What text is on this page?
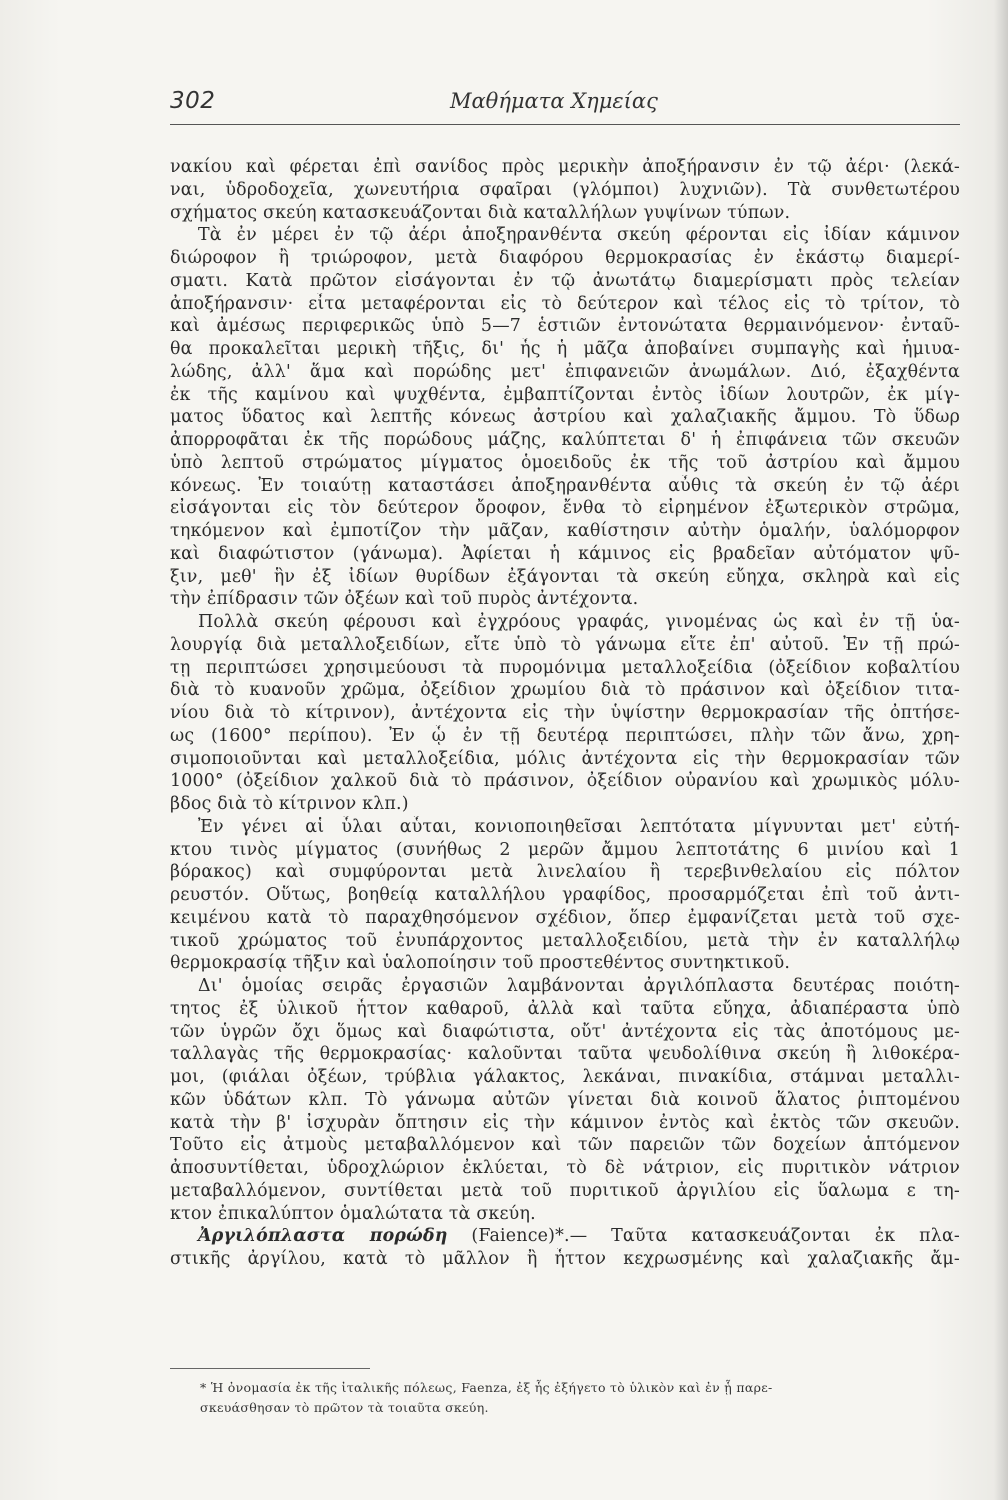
302	Μαθήματα Χημείας
νακίου καὶ φέρεται ἐπὶ σανίδος πρὸς μερικὴν ἀποξήρανσιν ἐν τῷ ἀέρι· (λεκά-
ναι, ὑδροδοχεῖα, χωνευτήρια σφαῖραι (γλόμποι) λυχνιῶν). Τὰ συνθετωτέρου
σχήματος σκεύη κατασκευάζονται διὰ καταλλήλων γυψίνων τύπων.
Τὰ ἐν μέρει ἐν τῷ ἀέρι ἀποξηρανθέντα σκεύη φέρονται εἰς ἰδίαν κάμινον
διώροφον ἢ τριώροφον, μετὰ διαφόρου θερμοκρασίας ἐν ἑκάστῳ διαμερί-
σματι. Κατὰ πρῶτον εἰσάγονται ἐν τῷ ἀνωτάτῳ διαμερίσματι πρὸς τελείαν
ἀποξήρανσιν· εἶτα μεταφέρονται εἰς τὸ δεύτερον καὶ τέλος εἰς τὸ τρίτον, τὸ
καὶ ἀμέσως περιφερικῶς ὑπὸ 5—7 ἑστιῶν ἐντονώτατα θερμαινόμενον· ἐνταῦ-
θα προκαλεῖται μερικὴ τῆξις, δι' ἧς ἡ μᾶζα ἀποβαίνει συμπαγὴς καὶ ἡμιυα-
λώδης, ἀλλ' ἅμα καὶ πορώδης μετ' ἐπιφανειῶν ἀνωμάλων. Διό, ἐξαχθέντα
ἐκ τῆς καμίνου καὶ ψυχθέντα, ἐμβαπτίζονται ἐντὸς ἰδίων λουτρῶν, ἐκ μίγ-
ματος ὕδατος καὶ λεπτῆς κόνεως ἀστρίου καὶ χαλαζιακῆς ἄμμου. Τὸ ὕδωρ
ἀπορροφᾶται ἐκ τῆς πορώδους μάζης, καλύπτεται δ' ἡ ἐπιφάνεια τῶν σκευῶν
ὑπὸ λεπτοῦ στρώματος μίγματος ὁμοειδοῦς ἐκ τῆς τοῦ ἀστρίου καὶ ἄμμου
κόνεως. Ἐν τοιαύτῃ καταστάσει ἀποξηρανθέντα αὖθις τὰ σκεύη ἐν τῷ ἀέρι
εἰσάγονται εἰς τὸν δεύτερον ὄροφον, ἔνθα τὸ εἰρημένον ἐξωτερικὸν στρῶμα,
τηκόμενον καὶ ἐμποτίζον τὴν μᾶζαν, καθίστησιν αὐτὴν ὁμαλήν, ὑαλόμορφον
καὶ διαφώτιστον (γάνωμα). Ἀφίεται ἡ κάμινος εἰς βραδεῖαν αὐτόματον ψῦ-
ξιν, μεθ' ἣν ἐξ ἰδίων θυρίδων ἐξάγονται τὰ σκεύη εὔηχα, σκληρὰ καὶ εἰς
τὴν ἐπίδρασιν τῶν ὀξέων καὶ τοῦ πυρὸς ἀντέχοντα.
Πολλὰ σκεύη φέρουσι καὶ ἐγχρόους γραφάς, γινομένας ὡς καὶ ἐν τῇ ὑα-
λουργίᾳ διὰ μεταλλοξειδίων, εἴτε ὑπὸ τὸ γάνωμα εἴτε ἐπ' αὐτοῦ. Ἐν τῇ πρώ-
τῃ περιπτώσει χρησιμεύουσι τὰ πυρομόνιμα μεταλλοξείδια (ὀξείδιον κοβαλτίου
διὰ τὸ κυανοῦν χρῶμα, ὀξείδιον χρωμίου διὰ τὸ πράσινον καὶ ὀξείδιον τιτα-
νίου διὰ τὸ κίτρινον), ἀντέχοντα εἰς τὴν ὑψίστην θερμοκρασίαν τῆς ὀπτήσε-
ως (1600° περίπου). Ἐν ᾧ ἐν τῇ δευτέρᾳ περιπτώσει, πλὴν τῶν ἄνω, χρη-
σιμοποιοῦνται καὶ μεταλλοξείδια, μόλις ἀντέχοντα εἰς τὴν θερμοκρασίαν τῶν
1000° (ὀξείδιον χαλκοῦ διὰ τὸ πράσινον, ὀξείδιον οὐρανίου καὶ χρωμικὸς μόλυ-
βδος διὰ τὸ κίτρινον κλπ.)
Ἐν γένει αἱ ὗλαι αὗται, κονιοποιηθεῖσαι λεπτότατα μίγνυνται μετ' εὐτή-
κτου τινὸς μίγματος (συνήθως 2 μερῶν ἄμμου λεπτοτάτης 6 μινίου καὶ 1
βόρακος) καὶ συμφύρονται μετὰ λινελαίου ἢ τερεβινθελαίου εἰς πόλτον
ρευστόν. Οὕτως, βοηθείᾳ καταλλήλου γραφίδος, προσαρμόζεται ἐπὶ τοῦ ἀντι-
κειμένου κατὰ τὸ παραχθησόμενον σχέδιον, ὅπερ ἐμφανίζεται μετὰ τοῦ σχε-
τικοῦ χρώματος τοῦ ἐνυπάρχοντος μεταλλοξειδίου, μετὰ τὴν ἐν καταλλήλῳ
θερμοκρασίᾳ τῆξιν καὶ ὑαλοποίησιν τοῦ προστεθέντος συντηκτικοῦ.
Δι' ὁμοίας σειρᾶς ἐργασιῶν λαμβάνονται ἀργιλόπλαστα δευτέρας ποιότη-
τητος ἐξ ὑλικοῦ ἧττον καθαροῦ, ἀλλὰ καὶ ταῦτα εὔηχα, ἀδιαπέραστα ὑπὸ
τῶν ὑγρῶν ὄχι ὅμως καὶ διαφώτιστα, οὔτ' ἀντέχοντα εἰς τὰς ἀποτόμους με-
ταλλαγὰς τῆς θερμοκρασίας· καλοῦνται ταῦτα ψευδολίθινα σκεύη ἢ λιθοκέρα-
μοι, (φιάλαι ὀξέων, τρύβλια γάλακτος, λεκάναι, πινακίδια, στάμναι μεταλλι-
κῶν ὑδάτων κλπ. Τὸ γάνωμα αὐτῶν γίνεται διὰ κοινοῦ ἅλατος ῥιπτομένου
κατὰ τὴν β' ἰσχυρὰν ὄπτησιν εἰς τὴν κάμινον ἐντὸς καὶ ἐκτὸς τῶν σκευῶν.
Τοῦτο εἰς ἀτμοὺς μεταβαλλόμενον καὶ τῶν παρειῶν τῶν δοχείων ἁπτόμενον
ἀποσυντίθεται, ὑδροχλώριον ἐκλύεται, τὸ δὲ νάτριον, εἰς πυριτικὸν νάτριον
μεταβαλλόμενον, συντίθεται μετὰ τοῦ πυριτικοῦ ἀργιλίου εἰς ὕαλωμα ε τη-
κτον ἐπικαλύπτον ὁμαλώτατα τὰ σκεύη.
Ἀργιλόπλαστα πορώδη (Faience)*.— Ταῦτα κατασκευάζονται ἐκ πλα-
στικῆς ἀργίλου, κατὰ τὸ μᾶλλον ἢ ἧττον κεχρωσμένης καὶ χαλαζιακῆς ἄμ-
* Ἡ ὀνομασία ἐκ τῆς ἰταλικῆς πόλεως, Faenza, ἐξ ἧς ἐξήγετο τὸ ὑλικὸν καὶ ἐν ᾗ παρε-
σκευάσθησαν τὸ πρῶτον τὰ τοιαῦτα σκεύη.
